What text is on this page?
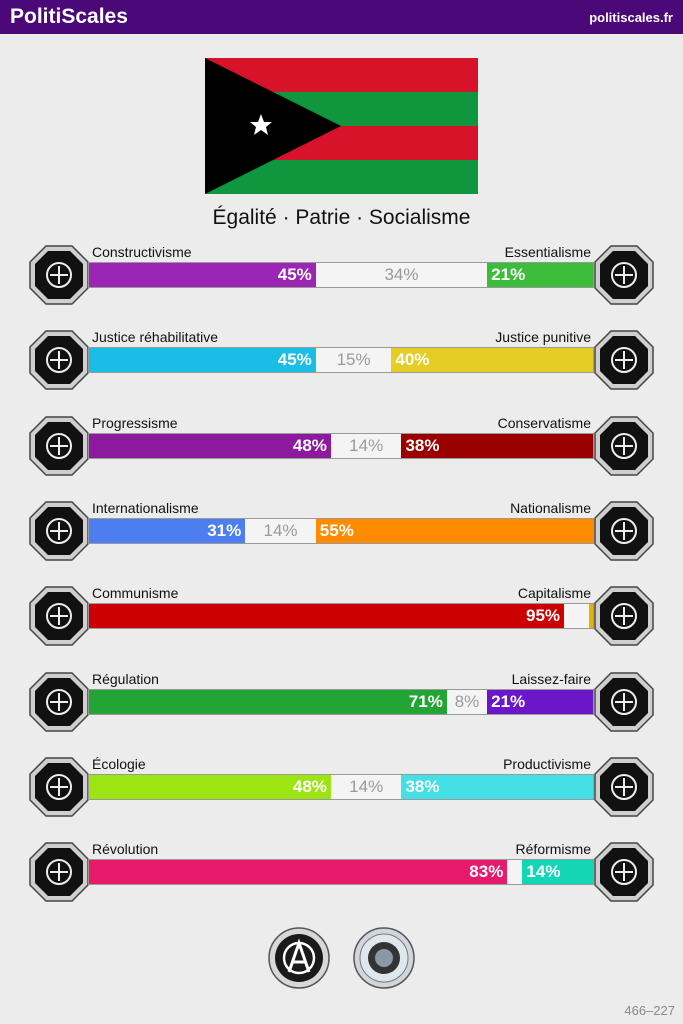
PolitiScales	politiscales.fr
Égalité · Patrie · Socialisme
Constructivisme	Essentialisme
45%	34%	21%
Justice réhabilitative	Justice punitive
45%	15%	40%
Progressisme	Conservatisme
48%	14%	38%
Internationalisme	Nationalisme
31%	14%	55%
Communisme	Capitalisme
95%
Régulation	Laissez-faire
71% 8% 21%
Écologie	Productivisme
48%	14%	38%
Révolution	Réformisme
83% 14%
466–227
